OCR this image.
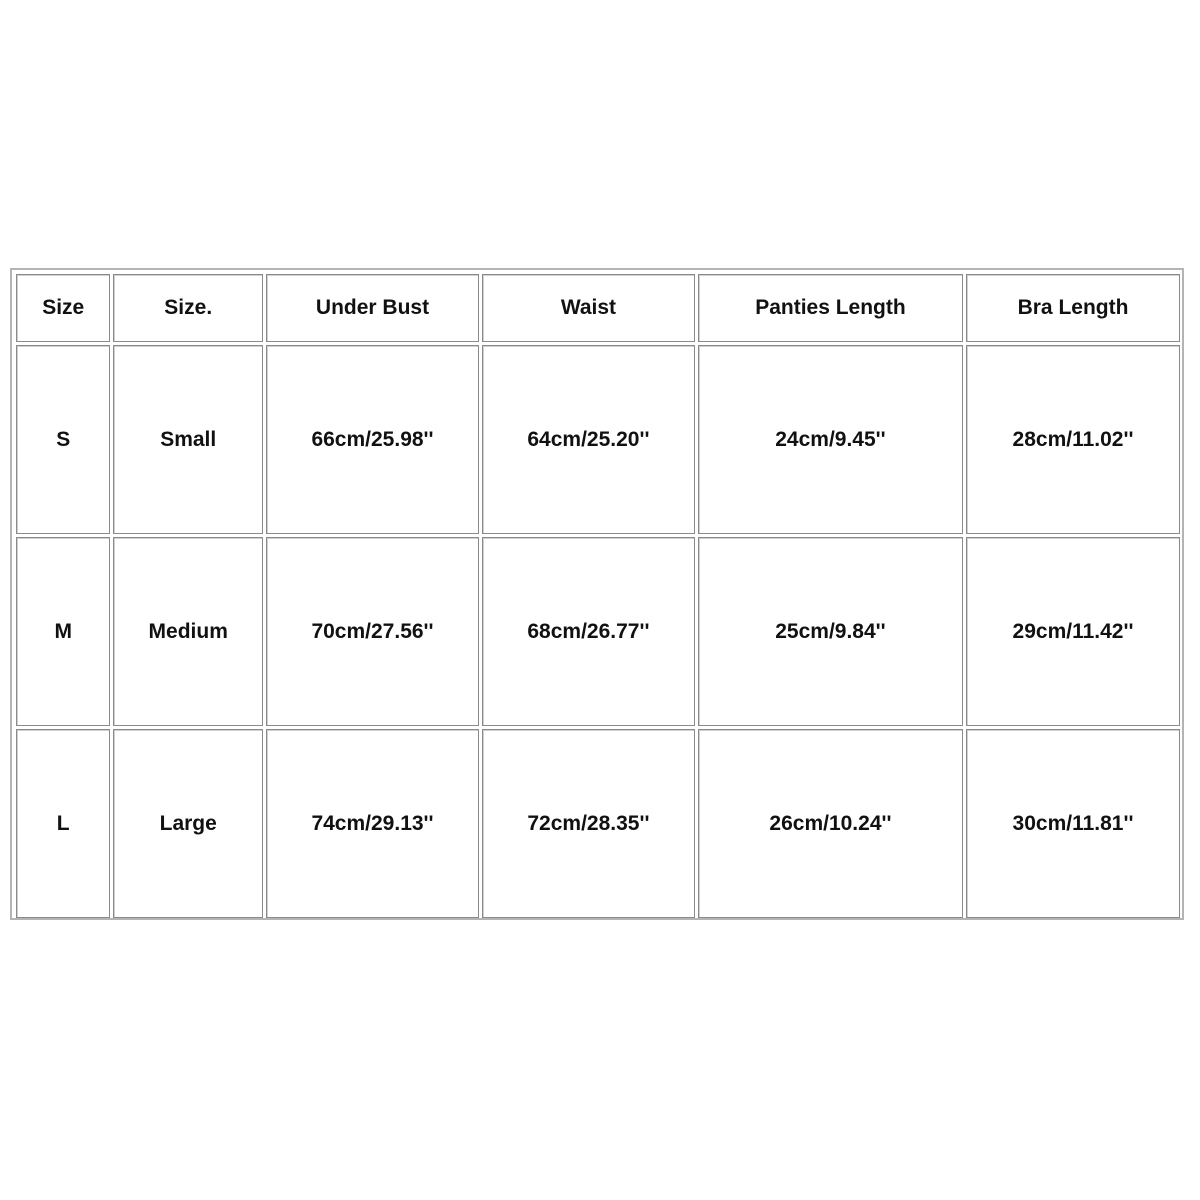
Size	Size.	Under Bust	Waist	Panties Length	Bra Length
S	Small	66cm/25.98''	64cm/25.20''	24cm/9.45''	28cm/11.02''
M	Medium	70cm/27.56''	68cm/26.77''	25cm/9.84''	29cm/11.42''
L	Large	74cm/29.13''	72cm/28.35''	26cm/10.24''	30cm/11.81''
